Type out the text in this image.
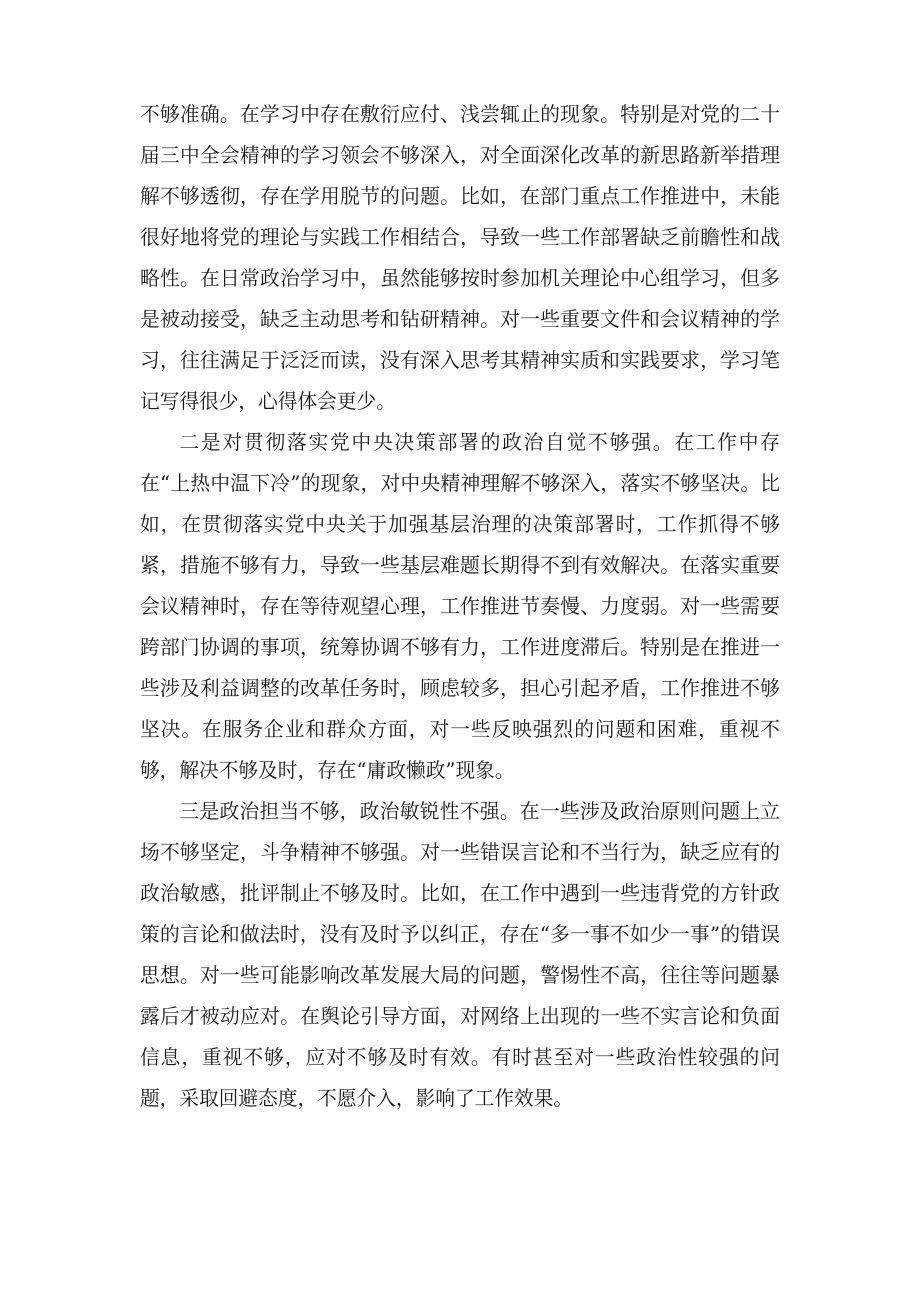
不够准确。在学习中存在敷衍应付、浅尝辄止的现象。特别是对党的二十届三中全会精神的学习领会不够深入，对全面深化改革的新思路新举措理解不够透彻，存在学用脱节的问题。比如，在部门重点工作推进中，未能很好地将党的理论与实践工作相结合，导致一些工作部署缺乏前瞻性和战略性。在日常政治学习中，虽然能够按时参加机关理论中心组学习，但多是被动接受，缺乏主动思考和钻研精神。对一些重要文件和会议精神的学习，往往满足于泛泛而读，没有深入思考其精神实质和实践要求，学习笔记写得很少，心得体会更少。

二是对贯彻落实党中央决策部署的政治自觉不够强。在工作中存在“上热中温下冷”的现象，对中央精神理解不够深入，落实不够坚决。比如，在贯彻落实党中央关于加强基层治理的决策部署时，工作抓得不够紧，措施不够有力，导致一些基层难题长期得不到有效解决。在落实重要会议精神时，存在等待观望心理，工作推进节奏慢、力度弱。对一些需要跨部门协调的事项，统筹协调不够有力，工作进度滞后。特别是在推进一些涉及利益调整的改革任务时，顾虑较多，担心引起矛盾，工作推进不够坚决。在服务企业和群众方面，对一些反映强烈的问题和困难，重视不够，解决不够及时，存在“庸政懒政”现象。

三是政治担当不够，政治敏锐性不强。在一些涉及政治原则问题上立场不够坚定，斗争精神不够强。对一些错误言论和不当行为，缺乏应有的政治敏感，批评制止不够及时。比如，在工作中遇到一些违背党的方针政策的言论和做法时，没有及时予以纠正，存在“多一事不如少一事”的错误思想。对一些可能影响改革发展大局的问题，警惕性不高，往往等问题暴露后才被动应对。在舆论引导方面，对网络上出现的一些不实言论和负面信息，重视不够，应对不够及时有效。有时甚至对一些政治性较强的问题，采取回避态度，不愿介入，影响了工作效果。
